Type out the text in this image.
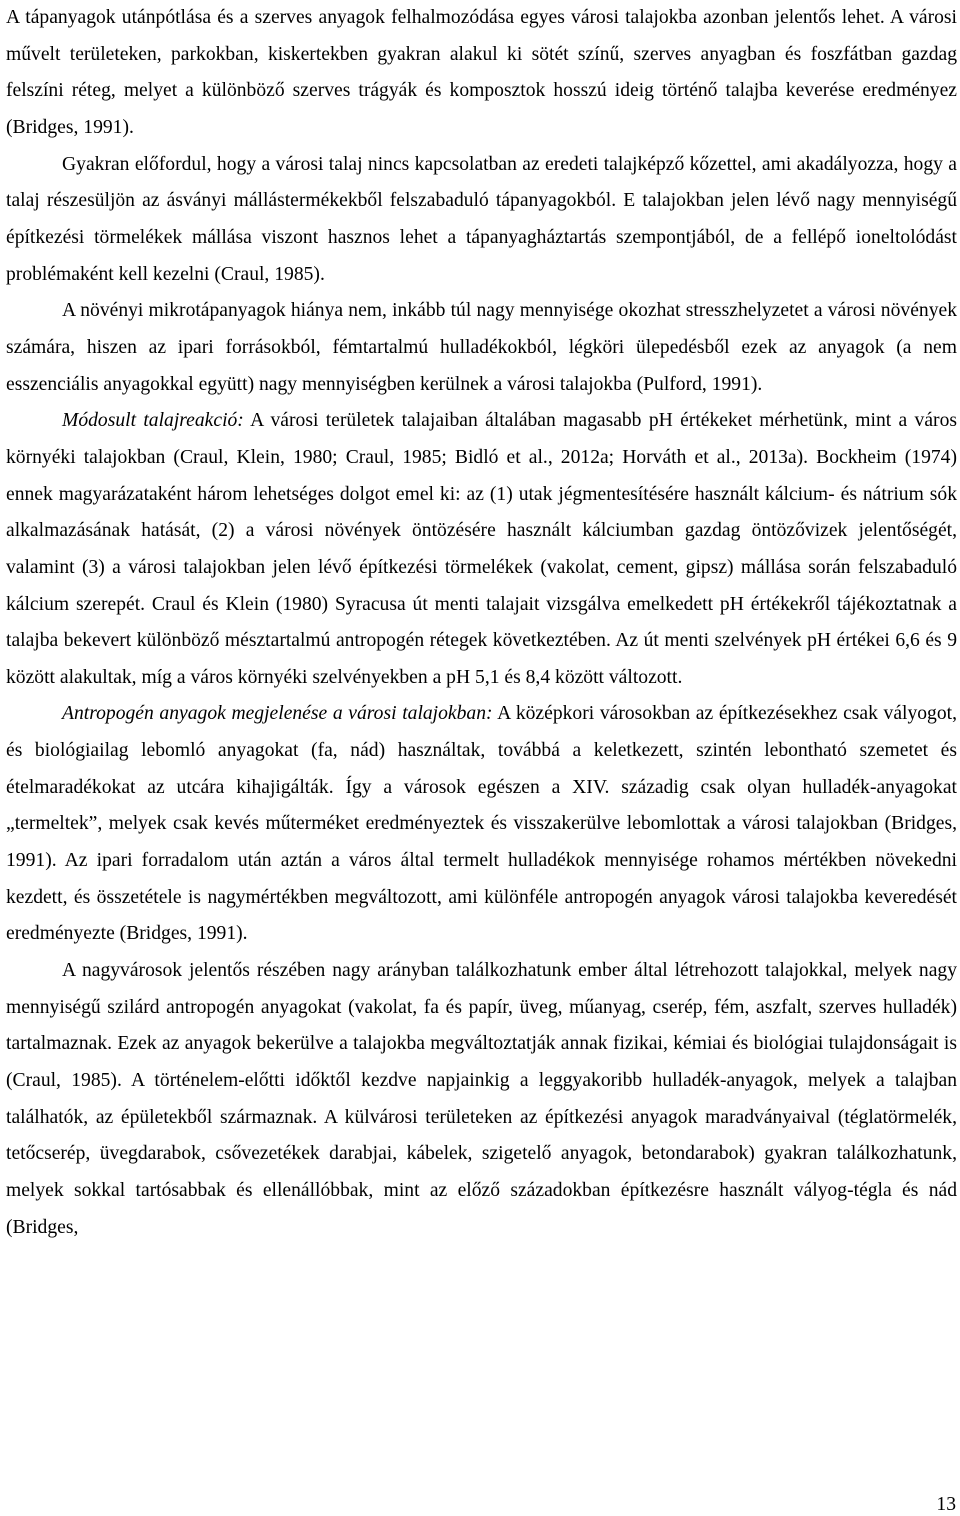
A tápanyagok utánpótlása és a szerves anyagok felhalmozódása egyes városi talajokba azonban jelentős lehet. A városi művelt területeken, parkokban, kiskertekben gyakran alakul ki sötét színű, szerves anyagban és foszfátban gazdag felszíni réteg, melyet a különböző szerves trágyák és komposztok hosszú ideig történő talajba keverése eredményez (Bridges, 1991).

Gyakran előfordul, hogy a városi talaj nincs kapcsolatban az eredeti talajképző kőzettel, ami akadályozza, hogy a talaj részesüljön az ásványi mállástermékekből felszabaduló tápanyagokból. E talajokban jelen lévő nagy mennyiségű építkezési törmelékek mállása viszont hasznos lehet a tápanyagháztartás szempontjából, de a fellépő ioneltolódást problémaként kell kezelni (Craul, 1985).

A növényi mikrotápanyagok hiánya nem, inkább túl nagy mennyisége okozhat stresszhelyzetet a városi növények számára, hiszen az ipari forrásokból, fémtartalmú hulladékokból, légköri ülepedésből ezek az anyagok (a nem esszenciális anyagokkal együtt) nagy mennyiségben kerülnek a városi talajokba (Pulford, 1991).

Módosult talajreakció: A városi területek talajaiban általában magasabb pH értékeket mérhetünk, mint a város környéki talajokban (Craul, Klein, 1980; Craul, 1985; Bidló et al., 2012a; Horváth et al., 2013a). Bockheim (1974) ennek magyarázataként három lehetséges dolgot emel ki: az (1) utak jégmentesítésére használt kálcium- és nátrium sók alkalmazásának hatását, (2) a városi növények öntözésére használt kálciumban gazdag öntözővizek jelentőségét, valamint (3) a városi talajokban jelen lévő építkezési törmelékek (vakolat, cement, gipsz) mállása során felszabaduló kálcium szerepét. Craul és Klein (1980) Syracusa út menti talajait vizsgálva emelkedett pH értékekről tájékoztatnak a talajba bekevert különböző mésztartalmú antropogén rétegek következtében. Az út menti szelvények pH értékei 6,6 és 9 között alakultak, míg a város környéki szelvényekben a pH 5,1 és 8,4 között változott.

Antropogén anyagok megjelenése a városi talajokban: A középkori városokban az építkezésekhez csak vályogot, és biológiailag lebomló anyagokat (fa, nád) használtak, továbbá a keletkezett, szintén lebontható szemetet és ételmaradékokat az utcára kihajigálták. Így a városok egészen a XIV. századig csak olyan hulladék-anyagokat „termeltek”, melyek csak kevés műterméket eredményeztek és visszakerülve lebomlottak a városi talajokban (Bridges, 1991). Az ipari forradalom után aztán a város által termelt hulladékok mennyisége rohamos mértékben növekedni kezdett, és összetétele is nagymértékben megváltozott, ami különféle antropogén anyagok városi talajokba keveredését eredményezte (Bridges, 1991).

A nagyvárosok jelentős részében nagy arányban találkozhatunk ember által létrehozott talajokkal, melyek nagy mennyiségű szilárd antropogén anyagokat (vakolat, fa és papír, üveg, műanyag, cserép, fém, aszfalt, szerves hulladék) tartalmaznak. Ezek az anyagok bekerülve a talajokba megváltoztatják annak fizikai, kémiai és biológiai tulajdonságait is (Craul, 1985). A történelem-előtti időktől kezdve napjainkig a leggyakoribb hulladék-anyagok, melyek a talajban találhatók, az épületekből származnak. A külvárosi területeken az építkezési anyagok maradványaival (téglatörmelék, tetőcserép, üvegdarabok, csővezetékek darabjai, kábelek, szigetelő anyagok, betondarabok) gyakran találkozhatunk, melyek sokkal tartósabbak és ellenállóbbak, mint az előző századokban építkezésre használt vályog-tégla és nád (Bridges,

13
